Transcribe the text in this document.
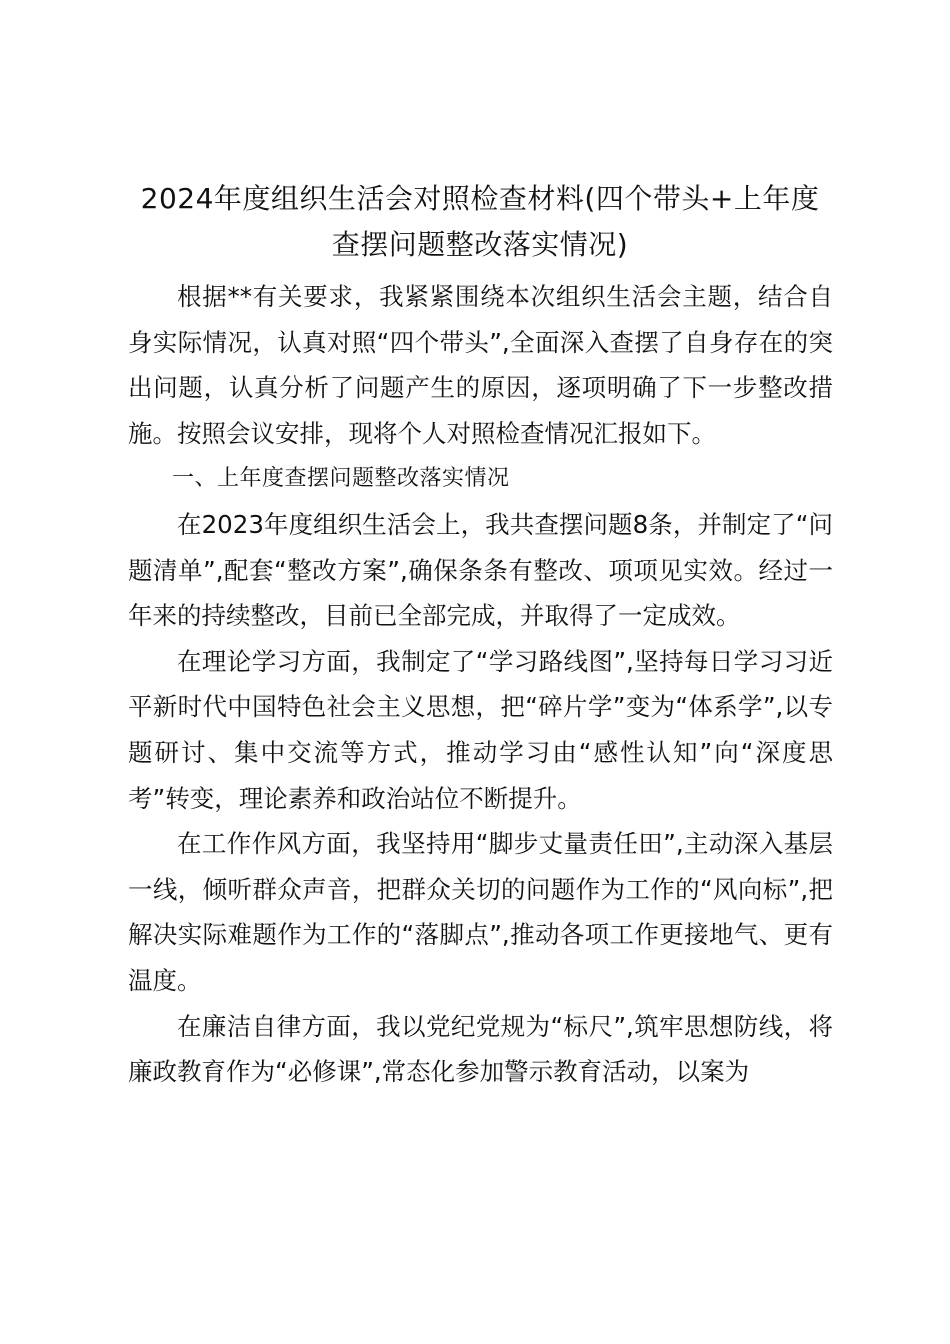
2024年度组织生活会对照检查材料(四个带头+上年度
查摆问题整改落实情况)

根据**有关要求，我紧紧围绕本次组织生活会主题，结合自身实际情况，认真对照“四个带头”,全面深入查摆了自身存在的突出问题，认真分析了问题产生的原因，逐项明确了下一步整改措施。按照会议安排，现将个人对照检查情况汇报如下。

一、上年度查摆问题整改落实情况

在2023年度组织生活会上，我共查摆问题8条，并制定了“问题清单”,配套“整改方案”,确保条条有整改、项项见实效。经过一年来的持续整改，目前已全部完成，并取得了一定成效。

在理论学习方面，我制定了“学习路线图”,坚持每日学习习近平新时代中国特色社会主义思想，把“碎片学”变为“体系学”,以专题研讨、集中交流等方式，推动学习由“感性认知”向“深度思考”转变，理论素养和政治站位不断提升。

在工作作风方面，我坚持用“脚步丈量责任田”,主动深入基层一线，倾听群众声音，把群众关切的问题作为工作的“风向标”,把解决实际难题作为工作的“落脚点”,推动各项工作更接地气、更有温度。

在廉洁自律方面，我以党纪党规为“标尺”,筑牢思想防线，将廉政教育作为“必修课”,常态化参加警示教育活动，以案为
